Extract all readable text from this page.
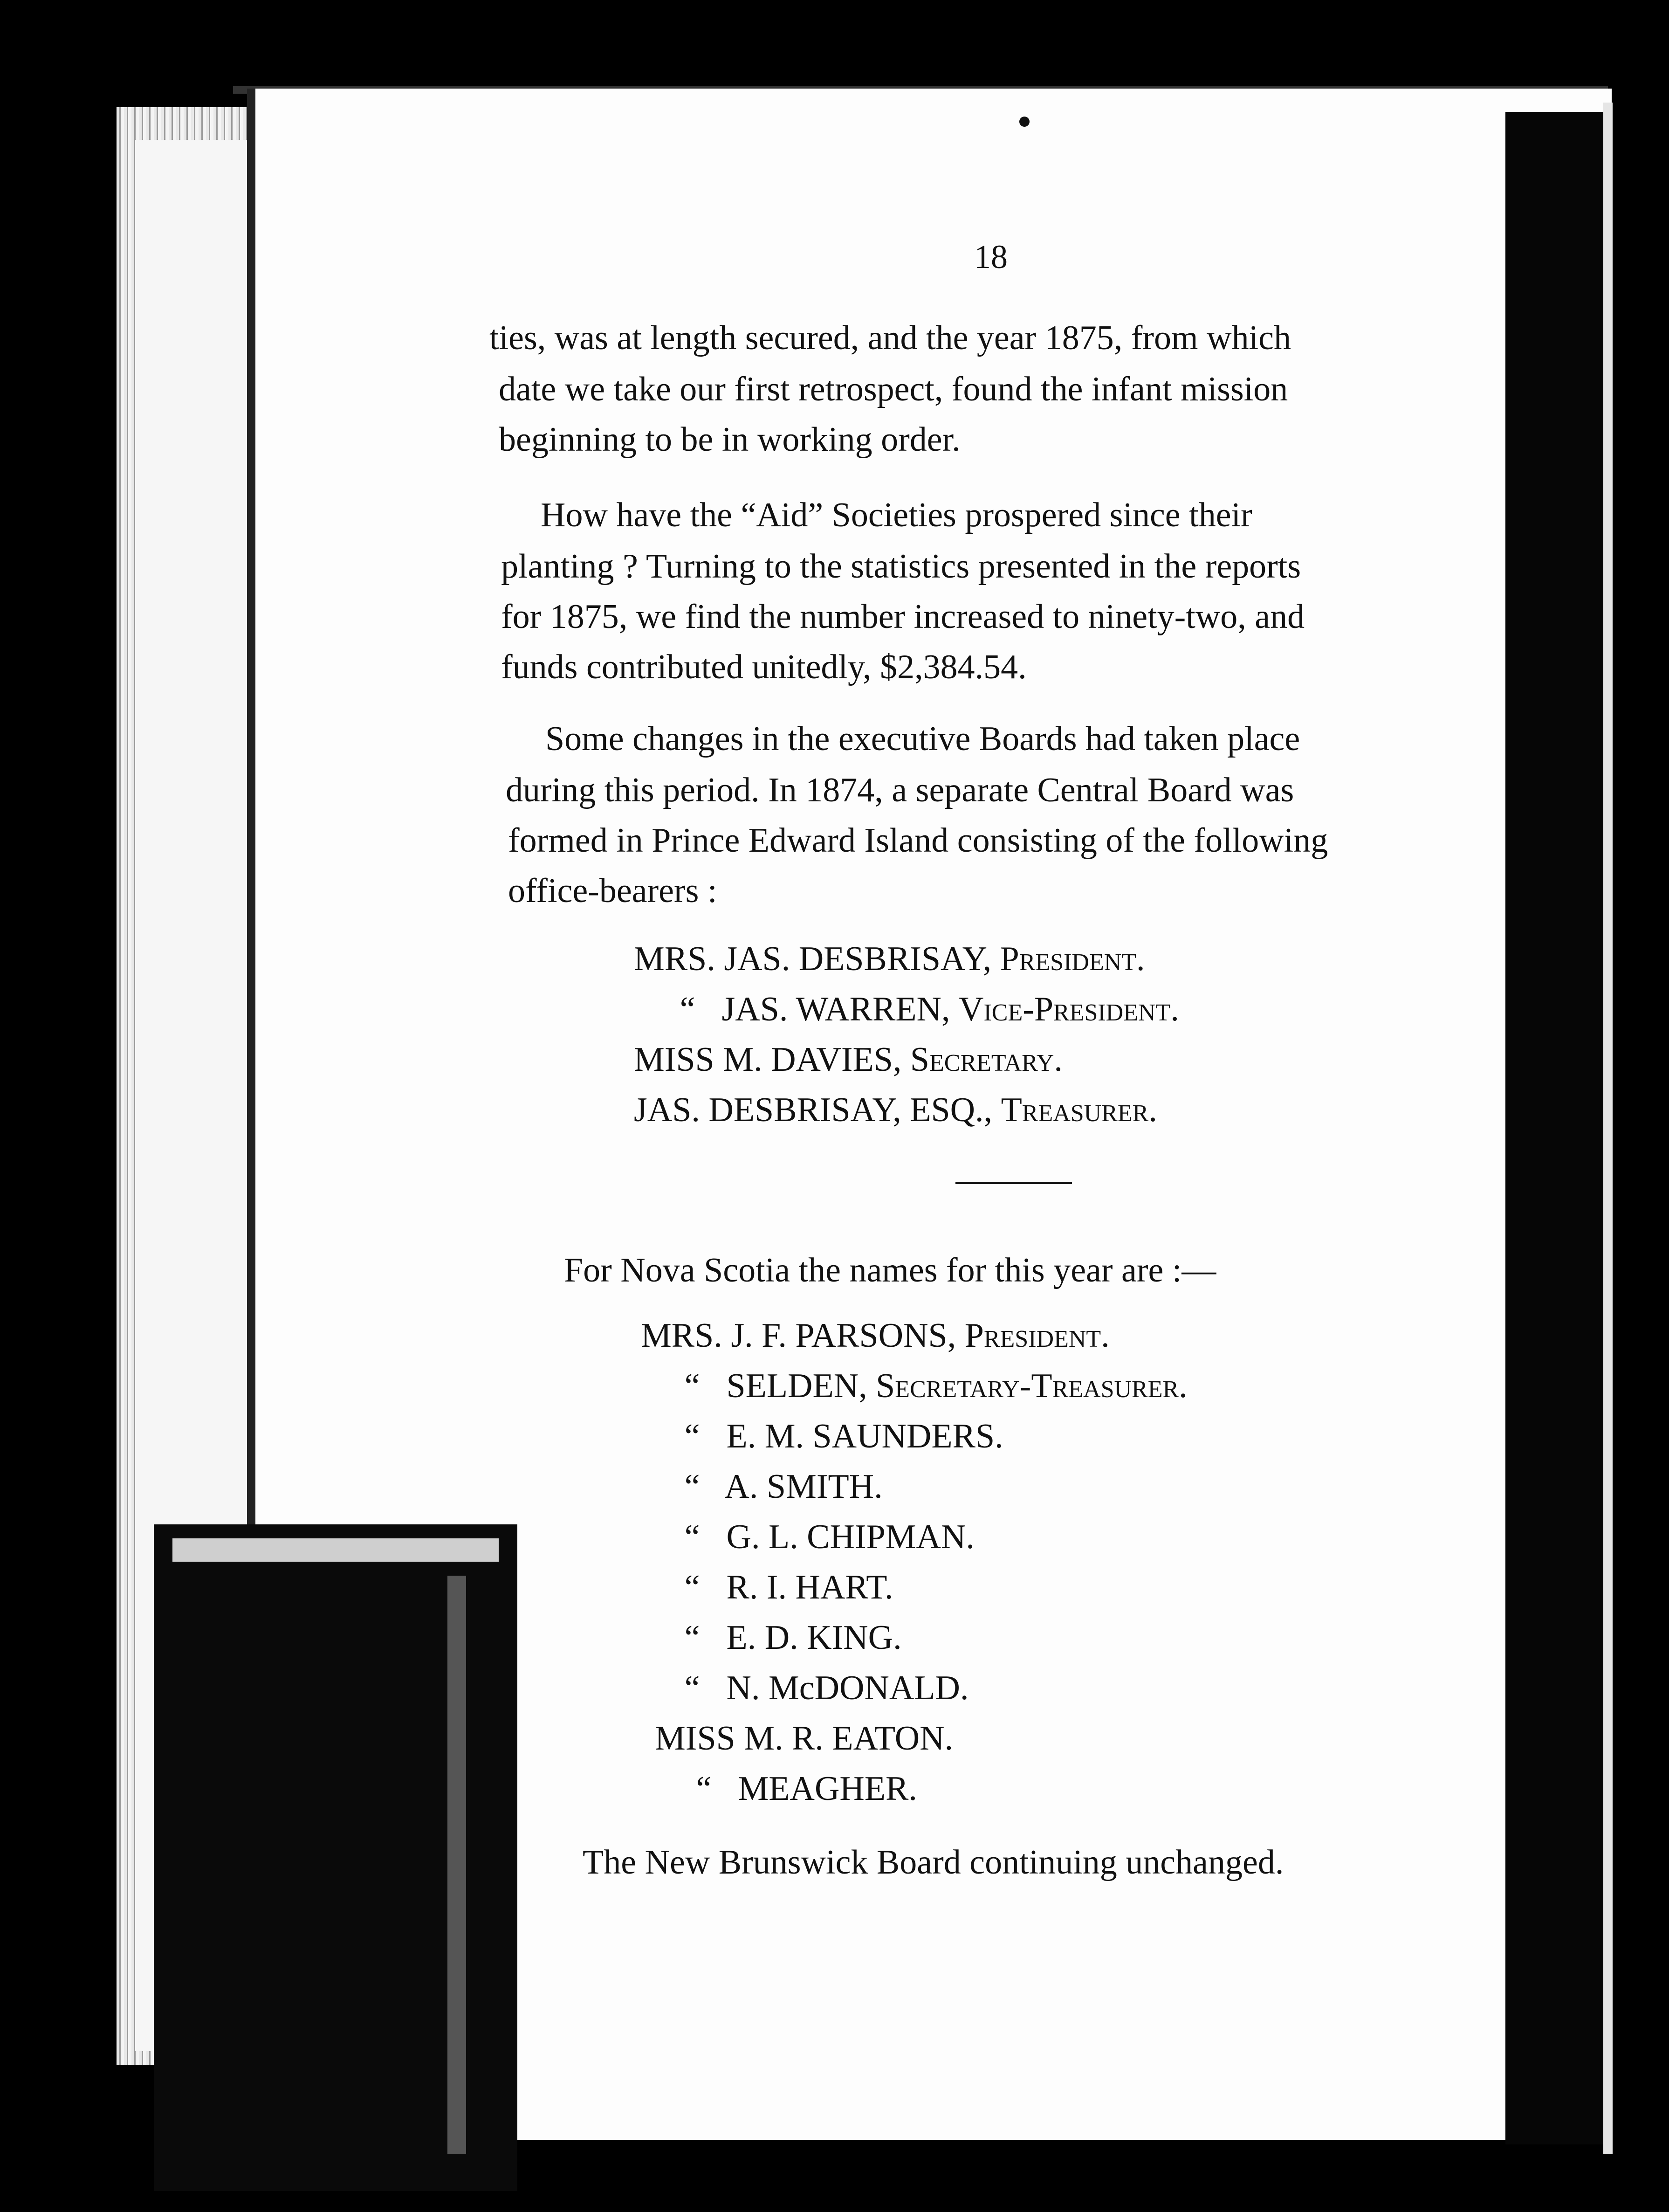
18
ties, was at length secured, and the year 1875, from which
date we take our first retrospect, found the infant mission
beginning to be in working order.
How have the “Aid” Societies prospered since their
planting ? Turning to the statistics presented in the reports
for 1875, we find the number increased to ninety-two, and
funds contributed unitedly, $2,384.54.
Some changes in the executive Boards had taken place
during this period. In 1874, a separate Central Board was
formed in Prince Edward Island consisting of the following
office-bearers :
MRS. JAS. DESBRISAY, President.
“ JAS. WARREN, Vice-President.
MISS M. DAVIES, Secretary.
JAS. DESBRISAY, ESQ., Treasurer.
For Nova Scotia the names for this year are :—
MRS. J. F. PARSONS, President.
“ SELDEN, Secretary-Treasurer.
“ E. M. SAUNDERS.
“ A. SMITH.
“ G. L. CHIPMAN.
“ R. I. HART.
“ E. D. KING.
“ N. McDONALD.
MISS M. R. EATON.
“ MEAGHER.
The New Brunswick Board continuing unchanged.
